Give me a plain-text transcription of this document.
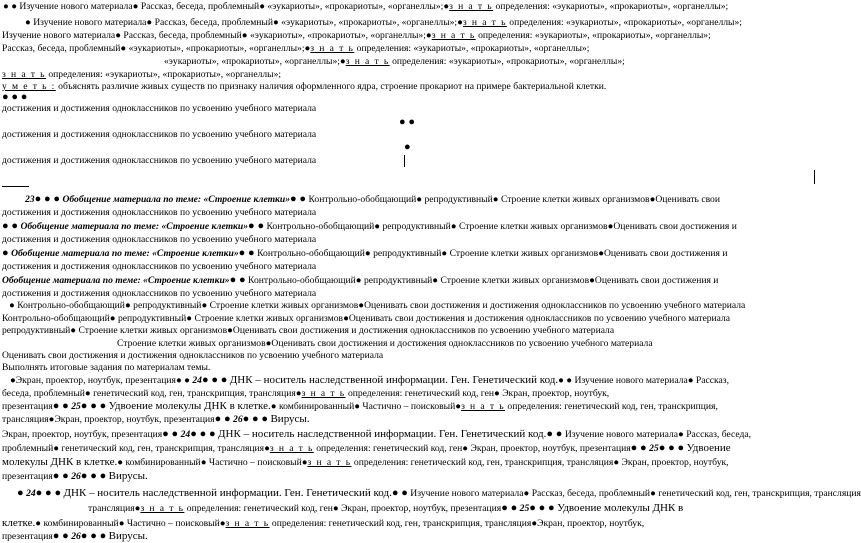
● ● Изучение нового материала● Рассказ, беседа, проблемный● «эукариоты», «прокариоты», «органеллы»;●з н а т ь определения: «эукариоты», «прокариоты», «органеллы»;
● Изучение нового материала● Рассказ, беседа, проблемный● «эукариоты», «прокариоты», «органеллы»;●з н а т ь определения: «эукариоты», «прокариоты», «органеллы»;
Изучение нового материала● Рассказ, беседа, проблемный● «эукариоты», «прокариоты», «органеллы»;●з н а т ь определения: «эукариоты», «прокариоты», «органеллы»;
Рассказ, беседа, проблемный● «эукариоты», «прокариоты», «органеллы»;●з н а т ь определения: «эукариоты», «прокариоты», «органеллы»;
«эукариоты», «прокариоты», «органеллы»;●з н а т ь определения: «эукариоты», «прокариоты», «органеллы»;
з н а т ь определения: «эукариоты», «прокариоты», «органеллы»;
у м е т ь : объяснять различие живых существ по признаку наличия оформленного ядра, строение прокариот на примере бактериальной клетки.
● ● ●
достижения и достижения одноклассников по усвоению учебного материала
● ●
достижения и достижения одноклассников по усвоению учебного материала
●
достижения и достижения одноклассников по усвоению учебного материала
23● ● ● Обобщение материала по теме: «Строение клетки»● ● Контрольно-обобщающий● репродуктивный● Строение клетки живых организмов●Оценивать свои
достижения и достижения одноклассников по усвоению учебного материала
● ● Обобщение материала по теме: «Строение клетки»● ● Контрольно-обобщающий● репродуктивный● Строение клетки живых организмов●Оценивать свои достижения и
достижения и достижения одноклассников по усвоению учебного материала
● Обобщение материала по теме: «Строение клетки»● ● Контрольно-обобщающий● репродуктивный● Строение клетки живых организмов●Оценивать свои достижения и
достижения и достижения одноклассников по усвоению учебного материала
Обобщение материала по теме: «Строение клетки»● ● Контрольно-обобщающий● репродуктивный● Строение клетки живых организмов●Оценивать свои достижения и
достижения и достижения одноклассников по усвоению учебного материала
● Контрольно-обобщающий● репродуктивный● Строение клетки живых организмов●Оценивать свои достижения и достижения одноклассников по усвоению учебного материала
Контрольно-обобщающий● репродуктивный● Строение клетки живых организмов●Оценивать свои достижения и достижения одноклассников по усвоению учебного материала
репродуктивный● Строение клетки живых организмов●Оценивать свои достижения и достижения одноклассников по усвоению учебного материала
Строение клетки живых организмов●Оценивать свои достижения и достижения одноклассников по усвоению учебного материала
Оценивать свои достижения и достижения одноклассников по усвоению учебного материала
Выполнять итоговые задания по материалам темы.
●Экран, проектор, ноутбук, презентация● ● 24● ● ● ДНК – носитель наследственной информации. Ген. Генетический код.● ● Изучение нового материала● Рассказ,
беседа, проблемный● генетический код, ген, транскрипция, трансляция●з н а т ь определения: генетический код, ген● Экран, проектор, ноутбук,
презентация● ● 25● ● ● Удвоение молекулы ДНК в клетке.● комбинированный● Частично – поисковый●з н а т ь определения: генетический код, ген, транскрипция,
трансляция●Экран, проектор, ноутбук, презентация● ● 26● ● ● Вирусы.
Экран, проектор, ноутбук, презентация● ● 24● ● ● ДНК – носитель наследственной информации. Ген. Генетический код.● ● Изучение нового материала● Рассказ, беседа,
проблемный● генетический код, ген, транскрипция, трансляция●з н а т ь определения: генетический код, ген● Экран, проектор, ноутбук, презентация● ● 25● ● ● Удвоение
молекулы ДНК в клетке.● комбинированный● Частично – поисковый●з н а т ь определения: генетический код, ген, транскрипция, трансляция● Экран, проектор, ноутбук,
презентация● ● 26● ● ● Вирусы.
● 24● ● ● ДНК – носитель наследственной информации. Ген. Генетический код.● ● Изучение нового материала● Рассказ, беседа, проблемный● генетический код, ген, транскрипция, трансляция
трансляция●з н а т ь определения: генетический код, ген● Экран, проектор, ноутбук, презентация● ● 25● ● ● Удвоение молекулы ДНК в
клетке.● комбинированный● Частично – поисковый●з н а т ь определения: генетический код, ген, транскрипция, трансляция●Экран, проектор, ноутбук,
презентация● ● 26● ● ● Вирусы.
